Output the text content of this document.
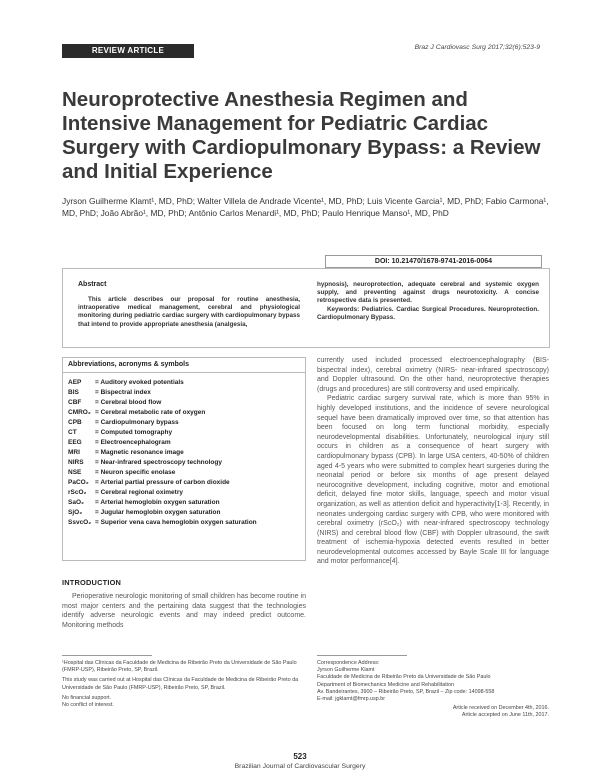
REVIEW ARTICLE	Braz J Cardiovasc Surg 2017;32(6):523-9
Neuroprotective Anesthesia Regimen and Intensive Management for Pediatric Cardiac Surgery with Cardiopulmonary Bypass: a Review and Initial Experience
Jyrson Guilherme Klamt¹, MD, PhD; Walter Villela de Andrade Vicente¹, MD, PhD; Luis Vicente Garcia¹, MD, PhD; Fabio Carmona¹, MD, PhD; João Abrão¹, MD, PhD; Antônio Carlos Menardi¹, MD, PhD; Paulo Henrique Manso¹, MD, PhD
DOI: 10.21470/1678-9741-2016-0064
Abstract
This article describes our proposal for routine anesthesia, intraoperative medical management, cerebral and physiological monitoring during pediatric cardiac surgery with cardiopulmonary bypass that intend to provide appropriate anesthesia (analgesia,
hypnosis), neuroprotection, adequate cerebral and systemic oxygen supply, and preventing against drugs neurotoxicity. A concise retrospective data is presented.
Keywords: Pediatrics. Cardiac Surgical Procedures. Neuroprotection. Cardiopulmonary Bypass.
Abbreviations, acronyms & symbols
AEP = Auditory evoked potentials
BIS = Bispectral index
CBF = Cerebral blood flow
CMRO₂ = Cerebral metabolic rate of oxygen
CPB = Cardiopulmonary bypass
CT	= Computed tomography
EEG = Electroencephalogram
MRI = Magnetic resonance image
NIRS = Near-infrared spectroscopy technology
NSE = Neuron specific enolase
PaCO₂ = Arterial partial pressure of carbon dioxide
rScO₂ = Cerebral regional oximetry
SaO₂ = Arterial hemoglobin oxygen saturation
SjO₂ = Jugular hemoglobin oxygen saturation
SsvcO₂ = Superior vena cava hemoglobin oxygen saturation
INTRODUCTION
Perioperative neurologic monitoring of small children has become routine in most major centers and the pertaining data suggest that the technologies identify adverse neurologic events and may indeed predict outcome. Monitoring methods
currently used included processed electroencephalography (BIS- bispectral index), cerebral oximetry (NIRS- near-infrared spectroscopy) and Doppler ultrasound. On the other hand, neuroprotective therapies (drugs and procedures) are still controversy and used empirically.
Pediatric cardiac surgery survival rate, which is more than 95% in highly developed institutions, and the incidence of severe neurological sequel have been dramatically improved over time, so that attention has been focused on long term functional morbidity, especially neurodevelopmental disabilities. Unfortunately, neurological injury still occurs in children as a consequence of heart surgery with cardiopulmonary bypass (CPB). In large USA centers, 40-50% of children aged 4-5 years who were submitted to complex heart surgeries during the neonatal period or before six months of age present delayed neurocognitive development, including cognitive, motor and emotional deficit, delayed fine motor skills, language, speech and motor visual organization, as well as attention deficit and hyperactivity[1-3]. Recently, in neonates undergoing cardiac surgery with CPB, who were monitored with cerebral oximetry (rScO₂) with near-infrared spectroscopy technology (NIRS) and cerebral blood flow (CBF) with Doppler ultrasound, the swift treatment of ischemia-hypoxia detected events resulted in better neurodevelopmental outcomes accessed by Bayle Scale III for language and motor performance[4].
¹Hospital das Clínicas da Faculdade de Medicina de Ribeirão Preto da Universidade de São Paulo (FMRP-USP), Ribeirão Preto, SP, Brazil.
This study was carried out at Hospital das Clínicas da Faculdade de Medicina de Ribeirão Preto da Universidade de São Paulo (FMRP-USP), Ribeirão Preto, SP, Brazil.
No financial support.
No conflict of interest.
Correspondence Address:
Jyrson Guilherme Klamt
Faculdade de Medicina de Ribeirão Preto da Universidade de São Paulo
Department of Biomechanics Medicine and Rehabilitation
Av. Bandeirantes, 3900 – Ribeirão Preto, SP, Brazil – Zip code: 14098-558
E-mail: jgklamt@fmrp.usp.br
Article received on December 4th, 2016.
Article accepted on June 11th, 2017.
523
Brazilian Journal of Cardiovascular Surgery
